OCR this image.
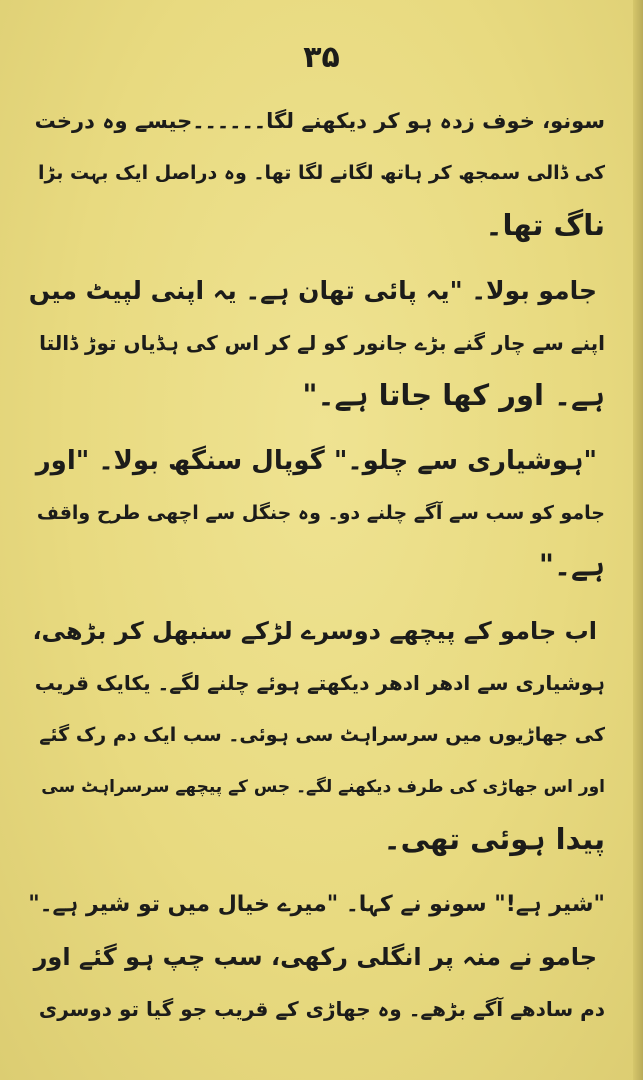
۳۵
سونو، خوف زدہ ہو کر دیکھنے لگا۔۔۔۔۔۔جیسے وہ درخت
کی ڈالی سمجھ کر ہاتھ لگانے لگا تھا۔ وہ دراصل ایک بہت بڑا
ناگ تھا۔
جامو بولا۔ "یہ پائی تھان ہے۔ یہ اپنی لپیٹ میں
اپنے سے چار گنے بڑے جانور کو لے کر اس کی ہڈیاں توڑ ڈالتا
ہے۔ اور کھا جاتا ہے۔"
"ہوشیاری سے چلو۔" گوپال سنگھ بولا۔ "اور
جامو کو سب سے آگے چلنے دو۔ وہ جنگل سے اچھی طرح واقف
ہے۔"
اب جامو کے پیچھے دوسرے لڑکے سنبھل کر بڑھی،
ہوشیاری سے ادھر ادھر دیکھتے ہوئے چلنے لگے۔ یکایک قریب
کی جھاڑیوں میں سرسراہٹ سی ہوئی۔ سب ایک دم رک گئے
اور اس جھاڑی کی طرف دیکھنے لگے۔ جس کے پیچھے سرسراہٹ سی
پیدا ہوئی تھی۔
"شیر ہے!" سونو نے کہا۔ "میرے خیال میں تو شیر ہے۔"
جامو نے منہ پر انگلی رکھی، سب چپ ہو گئے اور
دم سادھے آگے بڑھے۔ وہ جھاڑی کے قریب جو گیا تو دوسری
